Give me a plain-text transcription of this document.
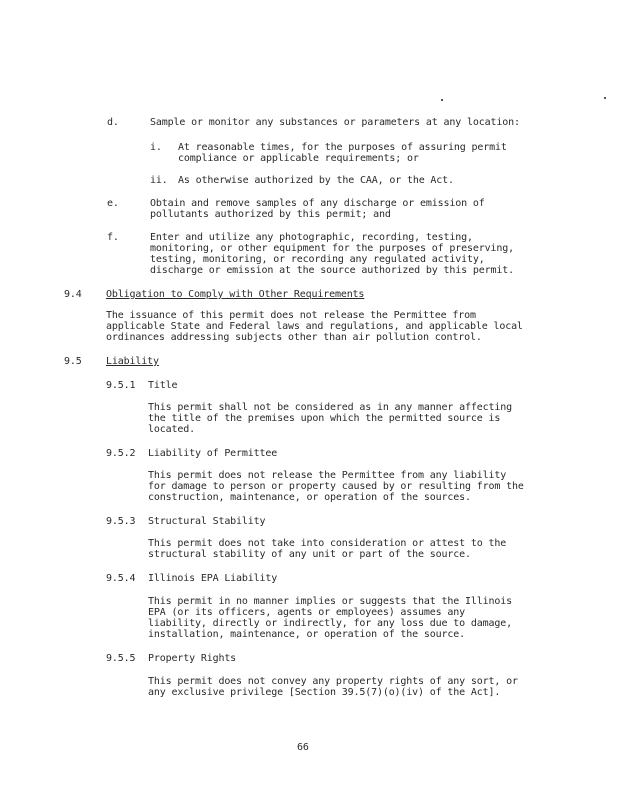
d.	Sample or monitor any substances or parameters at any location:
i. At reasonable times, for the purposes of assuring permit
compliance or applicable requirements; or
ii. As otherwise authorized by the CAA, or the Act.
e.	Obtain and remove samples of any discharge or emission of
pollutants authorized by this permit; and
f.	Enter and utilize any photographic, recording, testing,
monitoring, or other equipment for the purposes of preserving,
testing, monitoring, or recording any regulated activity,
discharge or emission at the source authorized by this permit.
9.4 Obligation to Comply with Other Requirements
The issuance of this permit does not release the Permittee from
applicable State and Federal laws and regulations, and applicable local
ordinances addressing subjects other than air pollution control.
9.5 Liability
9.5.1 Title
This permit shall not be considered as in any manner affecting
the title of the premises upon which the permitted source is
located.
9.5.2 Liability of Permittee
This permit does not release the Permittee from any liability
for damage to person or property caused by or resulting from the
construction, maintenance, or operation of the sources.
9.5.3 Structural Stability
This permit does not take into consideration or attest to the
structural stability of any unit or part of the source.
9.5.4 Illinois EPA Liability
This permit in no manner implies or suggests that the Illinois
EPA (or its officers, agents or employees) assumes any
liability, directly or indirectly, for any loss due to damage,
installation, maintenance, or operation of the source.
9.5.5 Property Rights
This permit does not convey any property rights of any sort, or
any exclusive privilege [Section 39.5(7)(o)(iv) of the Act].
66
